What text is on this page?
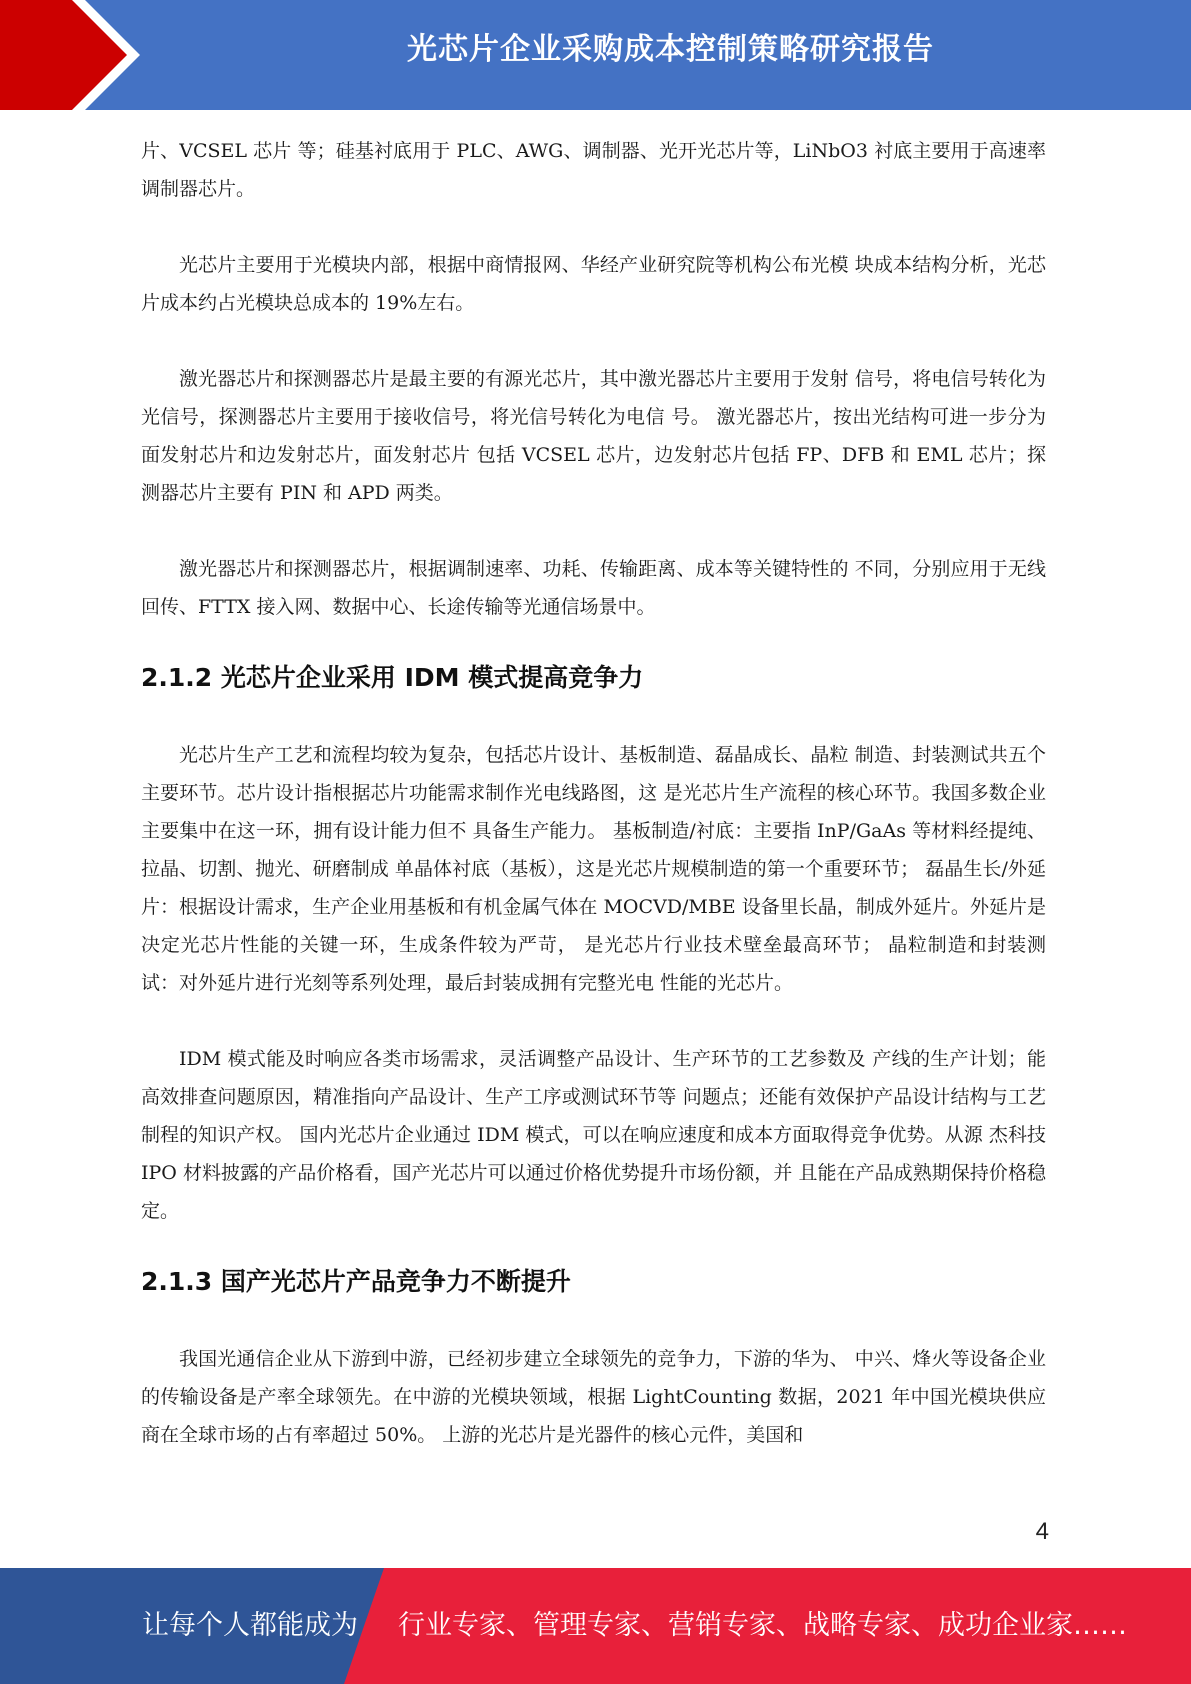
光芯片企业采购成本控制策略研究报告

片、VCSEL 芯片 等；硅基衬底用于 PLC、AWG、调制器、光开光芯片等，LiNbO3 衬底主要用于高速率调制器芯片。

光芯片主要用于光模块内部，根据中商情报网、华经产业研究院等机构公布光模 块成本结构分析，光芯片成本约占光模块总成本的 19%左右。

激光器芯片和探测器芯片是最主要的有源光芯片，其中激光器芯片主要用于发射 信号，将电信号转化为光信号，探测器芯片主要用于接收信号，将光信号转化为电信 号。 激光器芯片，按出光结构可进一步分为面发射芯片和边发射芯片，面发射芯片 包括 VCSEL 芯片，边发射芯片包括 FP、DFB 和 EML 芯片；探测器芯片主要有 PIN 和 APD 两类。

激光器芯片和探测器芯片，根据调制速率、功耗、传输距离、成本等关键特性的 不同，分别应用于无线回传、FTTX 接入网、数据中心、长途传输等光通信场景中。

2.1.2 光芯片企业采用 IDM 模式提高竞争力

光芯片生产工艺和流程均较为复杂，包括芯片设计、基板制造、磊晶成长、晶粒 制造、封装测试共五个主要环节。芯片设计指根据芯片功能需求制作光电线路图，这 是光芯片生产流程的核心环节。我国多数企业主要集中在这一环，拥有设计能力但不 具备生产能力。 基板制造/衬底：主要指 InP/GaAs 等材料经提纯、拉晶、切割、抛光、研磨制成 单晶体衬底（基板），这是光芯片规模制造的第一个重要环节； 磊晶生长/外延片：根据设计需求，生产企业用基板和有机金属气体在 MOCVD/MBE 设备里长晶，制成外延片。外延片是决定光芯片性能的关键一环，生成条件较为严苛， 是光芯片行业技术壁垒最高环节； 晶粒制造和封装测试：对外延片进行光刻等系列处理，最后封装成拥有完整光电 性能的光芯片。

IDM 模式能及时响应各类市场需求，灵活调整产品设计、生产环节的工艺参数及 产线的生产计划；能高效排查问题原因，精准指向产品设计、生产工序或测试环节等 问题点；还能有效保护产品设计结构与工艺制程的知识产权。 国内光芯片企业通过 IDM 模式，可以在响应速度和成本方面取得竞争优势。从源 杰科技 IPO 材料披露的产品价格看，国产光芯片可以通过价格优势提升市场份额，并 且能在产品成熟期保持价格稳定。

2.1.3 国产光芯片产品竞争力不断提升

我国光通信企业从下游到中游，已经初步建立全球领先的竞争力，下游的华为、 中兴、烽火等设备企业的传输设备是产率全球领先。在中游的光模块领域，根据 LightCounting 数据，2021 年中国光模块供应商在全球市场的占有率超过 50%。 上游的光芯片是光器件的核心元件，美国和

4
让每个人都能成为 行业专家、管理专家、营销专家、战略专家、成功企业家……
